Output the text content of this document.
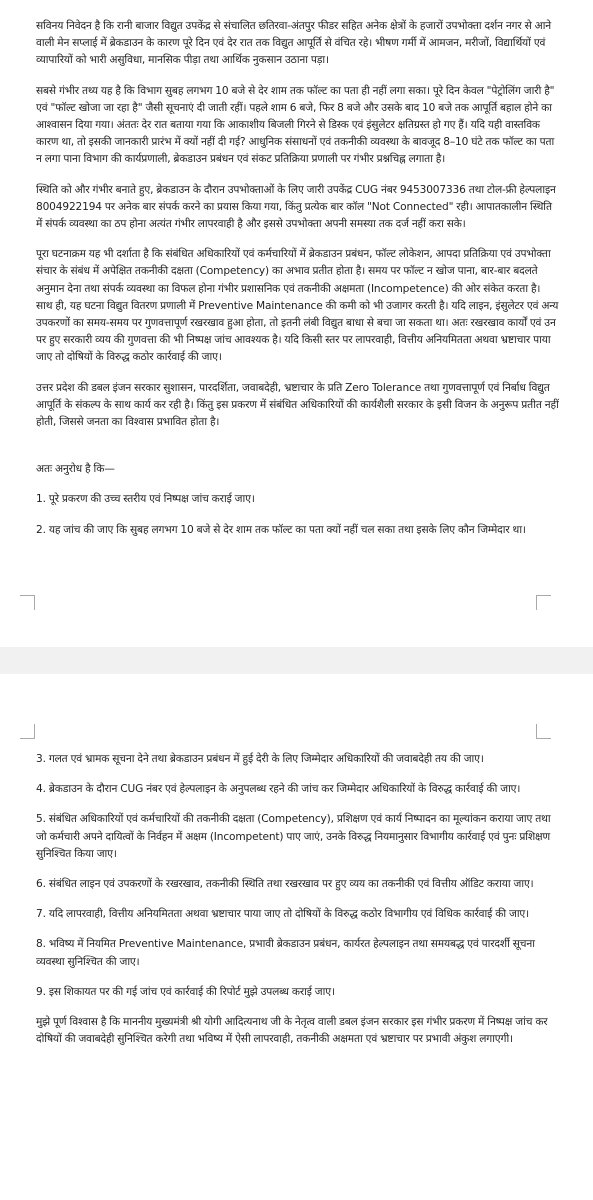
सविनय निवेदन है कि रानी बाजार विद्युत उपकेंद्र से संचालित छतिरवा-अंतपुर फीडर सहित अनेक क्षेत्रों के हजारों उपभोक्ता दर्शन नगर से आने वाली मेन सप्लाई में ब्रेकडाउन के कारण पूरे दिन एवं देर रात तक विद्युत आपूर्ति से वंचित रहे। भीषण गर्मी में आमजन, मरीजों, विद्यार्थियों एवं व्यापारियों को भारी असुविधा, मानसिक पीड़ा तथा आर्थिक नुकसान उठाना पड़ा।

सबसे गंभीर तथ्य यह है कि विभाग सुबह लगभग 10 बजे से देर शाम तक फॉल्ट का पता ही नहीं लगा सका। पूरे दिन केवल "पेट्रोलिंग जारी है" एवं "फॉल्ट खोजा जा रहा है" जैसी सूचनाएं दी जाती रहीं। पहले शाम 6 बजे, फिर 8 बजे और उसके बाद 10 बजे तक आपूर्ति बहाल होने का आश्वासन दिया गया। अंततः देर रात बताया गया कि आकाशीय बिजली गिरने से डिस्क एवं इंसुलेटर क्षतिग्रस्त हो गए हैं। यदि यही वास्तविक कारण था, तो इसकी जानकारी प्रारंभ में क्यों नहीं दी गई? आधुनिक संसाधनों एवं तकनीकी व्यवस्था के बावजूद 8–10 घंटे तक फॉल्ट का पता न लगा पाना विभाग की कार्यप्रणाली, ब्रेकडाउन प्रबंधन एवं संकट प्रतिक्रिया प्रणाली पर गंभीर प्रश्नचिह्न लगाता है।

स्थिति को और गंभीर बनाते हुए, ब्रेकडाउन के दौरान उपभोक्ताओं के लिए जारी उपकेंद्र CUG नंबर 9453007336 तथा टोल-फ्री हेल्पलाइन 8004922194 पर अनेक बार संपर्क करने का प्रयास किया गया, किंतु प्रत्येक बार कॉल "Not Connected" रही। आपातकालीन स्थिति में संपर्क व्यवस्था का ठप होना अत्यंत गंभीर लापरवाही है और इससे उपभोक्ता अपनी समस्या तक दर्ज नहीं करा सके।

पूरा घटनाक्रम यह भी दर्शाता है कि संबंधित अधिकारियों एवं कर्मचारियों में ब्रेकडाउन प्रबंधन, फॉल्ट लोकेशन, आपदा प्रतिक्रिया एवं उपभोक्ता संचार के संबंध में अपेक्षित तकनीकी दक्षता (Competency) का अभाव प्रतीत होता है। समय पर फॉल्ट न खोज पाना, बार-बार बदलते अनुमान देना तथा संपर्क व्यवस्था का विफल होना गंभीर प्रशासनिक एवं तकनीकी अक्षमता (Incompetence) की ओर संकेत करता है। साथ ही, यह घटना विद्युत वितरण प्रणाली में Preventive Maintenance की कमी को भी उजागर करती है। यदि लाइन, इंसुलेटर एवं अन्य उपकरणों का समय-समय पर गुणवत्तापूर्ण रखरखाव हुआ होता, तो इतनी लंबी विद्युत बाधा से बचा जा सकता था। अतः रखरखाव कार्यों एवं उन पर हुए सरकारी व्यय की गुणवत्ता की भी निष्पक्ष जांच आवश्यक है। यदि किसी स्तर पर लापरवाही, वित्तीय अनियमितता अथवा भ्रष्टाचार पाया जाए तो दोषियों के विरुद्ध कठोर कार्रवाई की जाए।

उत्तर प्रदेश की डबल इंजन सरकार सुशासन, पारदर्शिता, जवाबदेही, भ्रष्टाचार के प्रति Zero Tolerance तथा गुणवत्तापूर्ण एवं निर्बाध विद्युत आपूर्ति के संकल्प के साथ कार्य कर रही है। किंतु इस प्रकरण में संबंधित अधिकारियों की कार्यशैली सरकार के इसी विजन के अनुरूप प्रतीत नहीं होती, जिससे जनता का विश्वास प्रभावित होता है।

अतः अनुरोध है कि—

1. पूरे प्रकरण की उच्च स्तरीय एवं निष्पक्ष जांच कराई जाए।

2. यह जांच की जाए कि सुबह लगभग 10 बजे से देर शाम तक फॉल्ट का पता क्यों नहीं चल सका तथा इसके लिए कौन जिम्मेदार था।

3. गलत एवं भ्रामक सूचना देने तथा ब्रेकडाउन प्रबंधन में हुई देरी के लिए जिम्मेदार अधिकारियों की जवाबदेही तय की जाए।

4. ब्रेकडाउन के दौरान CUG नंबर एवं हेल्पलाइन के अनुपलब्ध रहने की जांच कर जिम्मेदार अधिकारियों के विरुद्ध कार्रवाई की जाए।

5. संबंधित अधिकारियों एवं कर्मचारियों की तकनीकी दक्षता (Competency), प्रशिक्षण एवं कार्य निष्पादन का मूल्यांकन कराया जाए तथा जो कर्मचारी अपने दायित्वों के निर्वहन में अक्षम (Incompetent) पाए जाएं, उनके विरुद्ध नियमानुसार विभागीय कार्रवाई एवं पुनः प्रशिक्षण सुनिश्चित किया जाए।

6. संबंधित लाइन एवं उपकरणों के रखरखाव, तकनीकी स्थिति तथा रखरखाव पर हुए व्यय का तकनीकी एवं वित्तीय ऑडिट कराया जाए।

7. यदि लापरवाही, वित्तीय अनियमितता अथवा भ्रष्टाचार पाया जाए तो दोषियों के विरुद्ध कठोर विभागीय एवं विधिक कार्रवाई की जाए।

8. भविष्य में नियमित Preventive Maintenance, प्रभावी ब्रेकडाउन प्रबंधन, कार्यरत हेल्पलाइन तथा समयबद्ध एवं पारदर्शी सूचना व्यवस्था सुनिश्चित की जाए।

9. इस शिकायत पर की गई जांच एवं कार्रवाई की रिपोर्ट मुझे उपलब्ध कराई जाए।

मुझे पूर्ण विश्वास है कि माननीय मुख्यमंत्री श्री योगी आदित्यनाथ जी के नेतृत्व वाली डबल इंजन सरकार इस गंभीर प्रकरण में निष्पक्ष जांच कर दोषियों की जवाबदेही सुनिश्चित करेगी तथा भविष्य में ऐसी लापरवाही, तकनीकी अक्षमता एवं भ्रष्टाचार पर प्रभावी अंकुश लगाएगी।
